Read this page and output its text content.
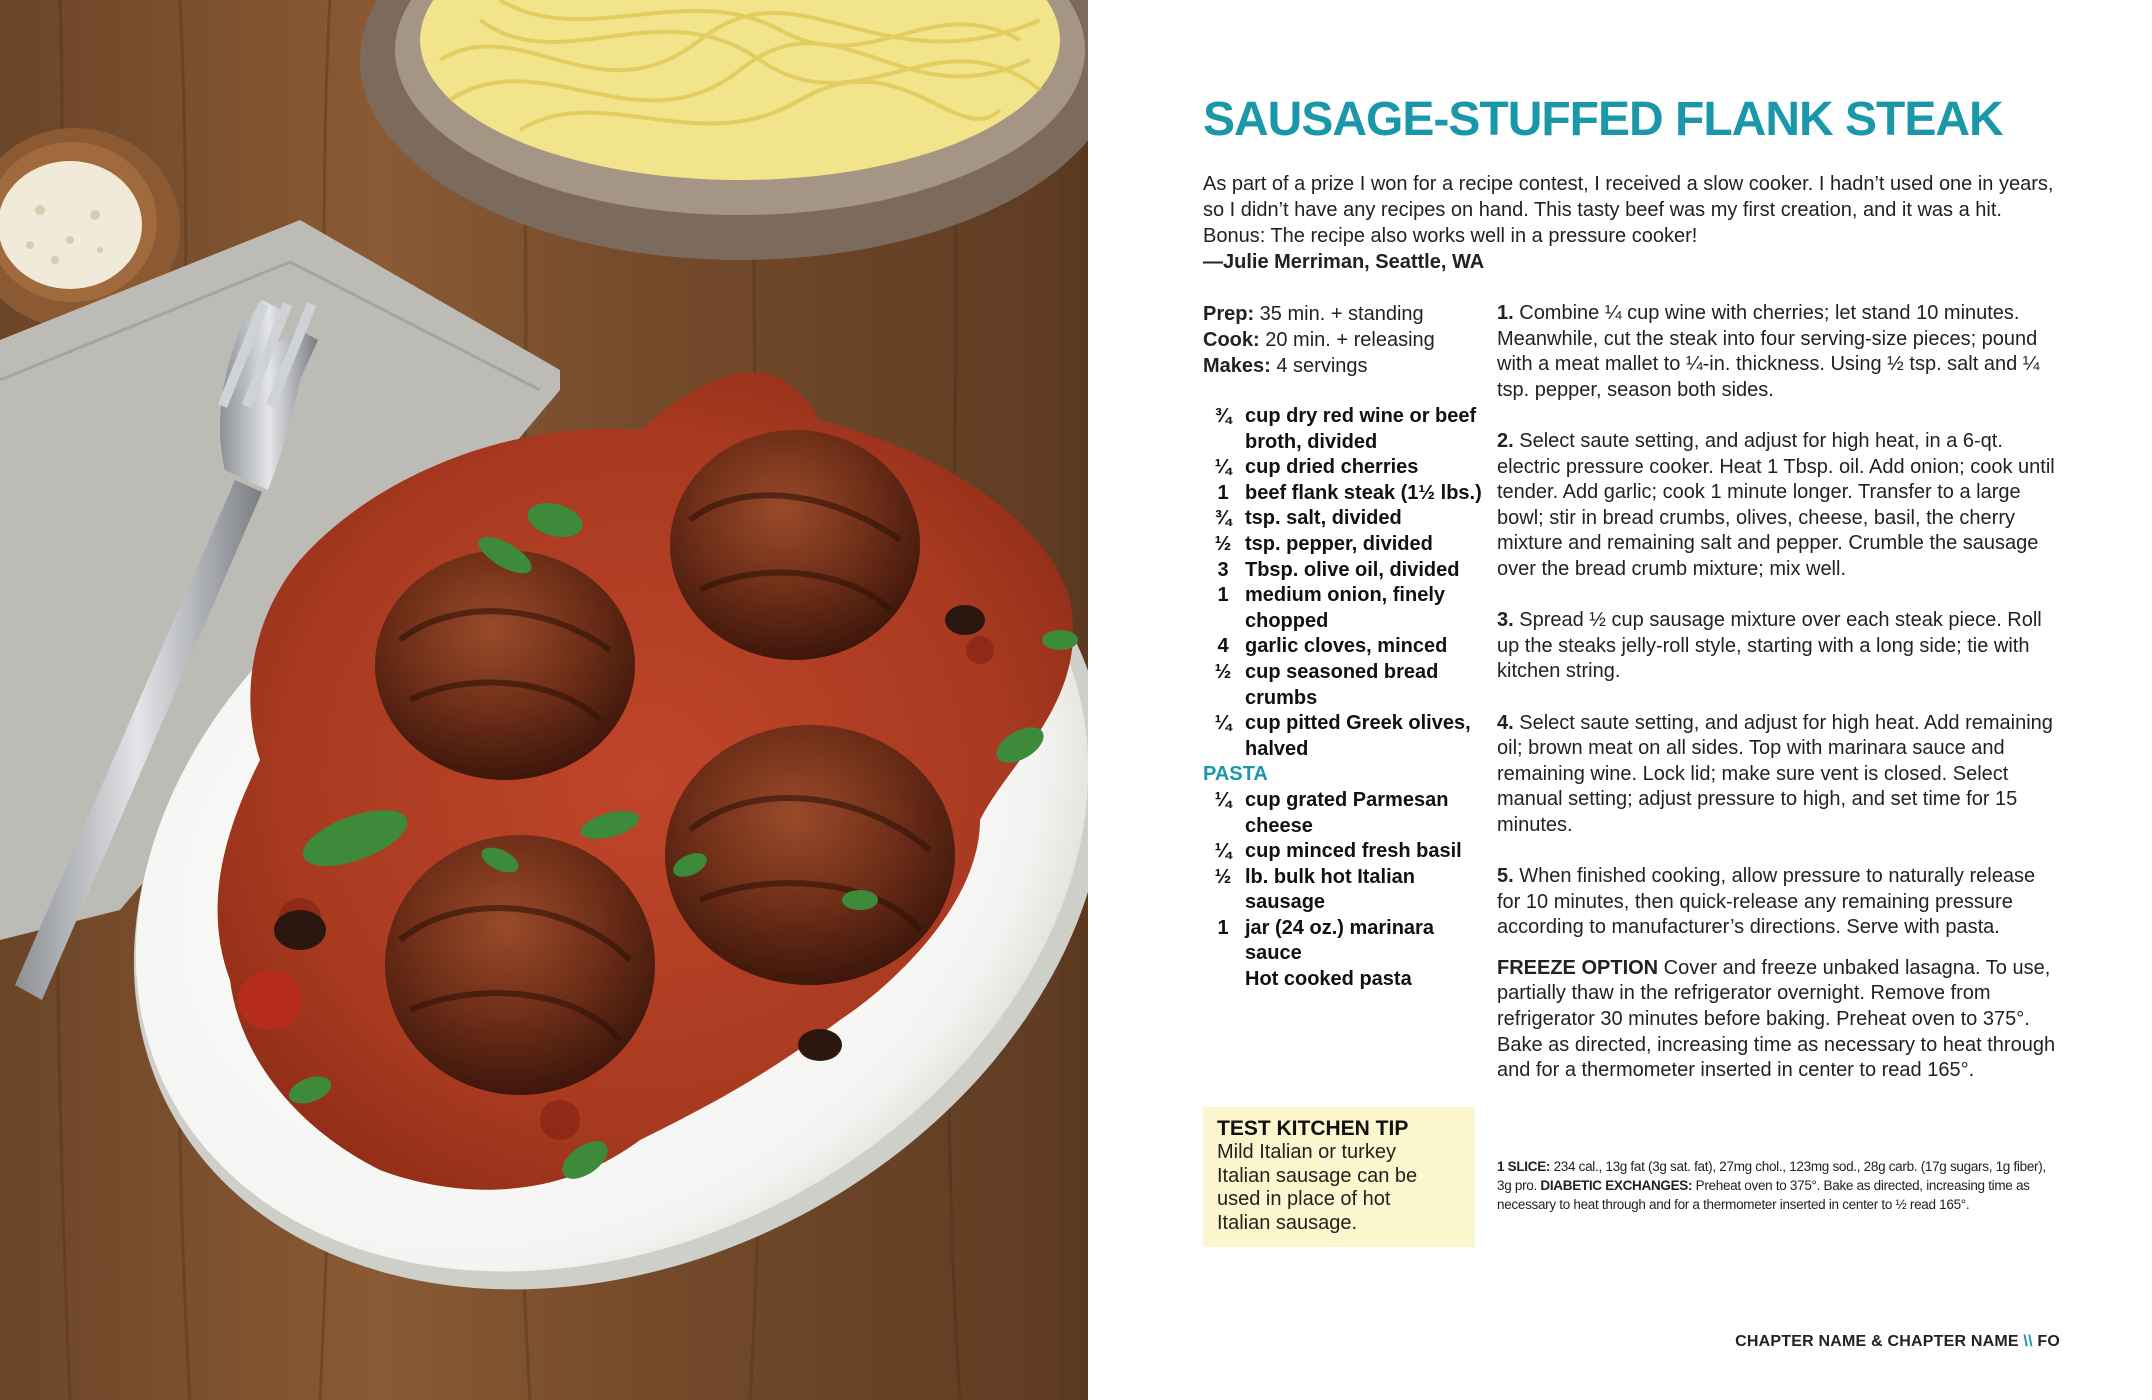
SAUSAGE-STUFFED FLANK STEAK

As part of a prize I won for a recipe contest, I received a slow cooker. I hadn’t used one in years, so I didn’t have any recipes on hand. This tasty beef was my first creation, and it was a hit. Bonus: The recipe also works well in a pressure cooker!
—Julie Merriman, Seattle, WA

Prep: 35 min. + standing
Cook: 20 min. + releasing
Makes: 4 servings
¾ cup dry red wine or beef broth, divided
¼ cup dried cherries
1 beef flank steak (1½ lbs.)
¾ tsp. salt, divided
½ tsp. pepper, divided
3 Tbsp. olive oil, divided
1 medium onion, finely chopped
4 garlic cloves, minced
½ cup seasoned bread crumbs
¼ cup pitted Greek olives, halved
PASTA
¼ cup grated Parmesan cheese
¼ cup minced fresh basil
½ lb. bulk hot Italian sausage
1 jar (24 oz.) marinara sauce
Hot cooked pasta

1. Combine ¼ cup wine with cherries; let stand 10 minutes. Meanwhile, cut the steak into four serving-size pieces; pound with a meat mallet to ¼-in. thickness. Using ½ tsp. salt and ¼ tsp. pepper, season both sides.

2. Select saute setting, and adjust for high heat, in a 6-qt. electric pressure cooker. Heat 1 Tbsp. oil. Add onion; cook until tender. Add garlic; cook 1 minute longer. Transfer to a large bowl; stir in bread crumbs, olives, cheese, basil, the cherry mixture and remaining salt and pepper. Crumble the sausage over the bread crumb mixture; mix well.

3. Spread ½ cup sausage mixture over each steak piece. Roll up the steaks jelly-roll style, starting with a long side; tie with kitchen string.

4. Select saute setting, and adjust for high heat. Add remaining oil; brown meat on all sides. Top with marinara sauce and remaining wine. Lock lid; make sure vent is closed. Select manual setting; adjust pressure to high, and set time for 15 minutes.

5. When finished cooking, allow pressure to naturally release for 10 minutes, then quick-release any remaining pressure according to manufacturer’s directions. Serve with pasta.

FREEZE OPTION Cover and freeze unbaked lasagna. To use, partially thaw in the refrigerator overnight. Remove from refrigerator 30 minutes before baking. Preheat oven to 375°. Bake as directed, increasing time as necessary to heat through and for a thermometer inserted in center to read 165°.

1 SLICE: 234 cal., 13g fat (3g sat. fat), 27mg chol., 123mg sod., 28g carb. (17g sugars, 1g fiber), 3g pro. DIABETIC EXCHANGES: Preheat oven to 375°. Bake as directed, increasing time as necessary to heat through and for a thermometer inserted in center to ½ read 165°.

TEST KITCHEN TIP
Mild Italian or turkey Italian sausage can be used in place of hot Italian sausage.
CHAPTER NAME & CHAPTER NAME \\ FO
